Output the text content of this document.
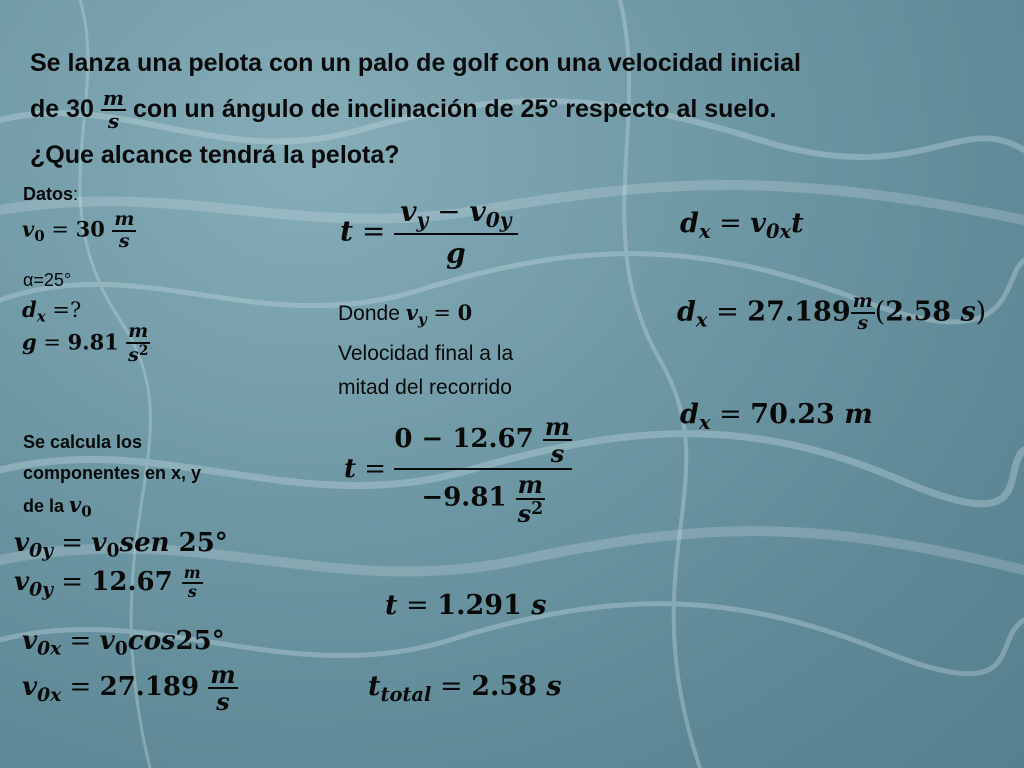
Se lanza una pelota con un palo de golf con una velocidad inicial
de $30 \frac{m}{s}$ con un ángulo de inclinación de 25° respecto al suelo.
¿Que alcance tendrá la pelota?
Datos:
$v_0 = 30 \frac{m}{s}$
α=25°
$d_x$ =?
$g = 9.81 \frac{m}{s^2}$
Se calcula los
componentes en x, y
de la $v_0$
$v_{0y} = v_0sen$ 25°
$v_{0y} = 12.67 \frac{m}{s}$
$v_{0x} = v_0\cos 25^\circ$
$v_{0x} = 27.189 \frac{m}{s}$
$t = \frac{v_y - v_{0y}}{g}$
Donde $v_y = 0$
Velocidad final a la
mitad del recorrido
$t = \frac{0 - 12.67 \frac{m}{s}}{-9.81 \frac{m}{s^2}}$
t = 1.291 s
$t_{total} = 2.58$ s
$d_x = v_{0x}t$
$d_x = 27.189 \frac{m}{s} (2.58$ s)
$d_x = 70.23$ m
